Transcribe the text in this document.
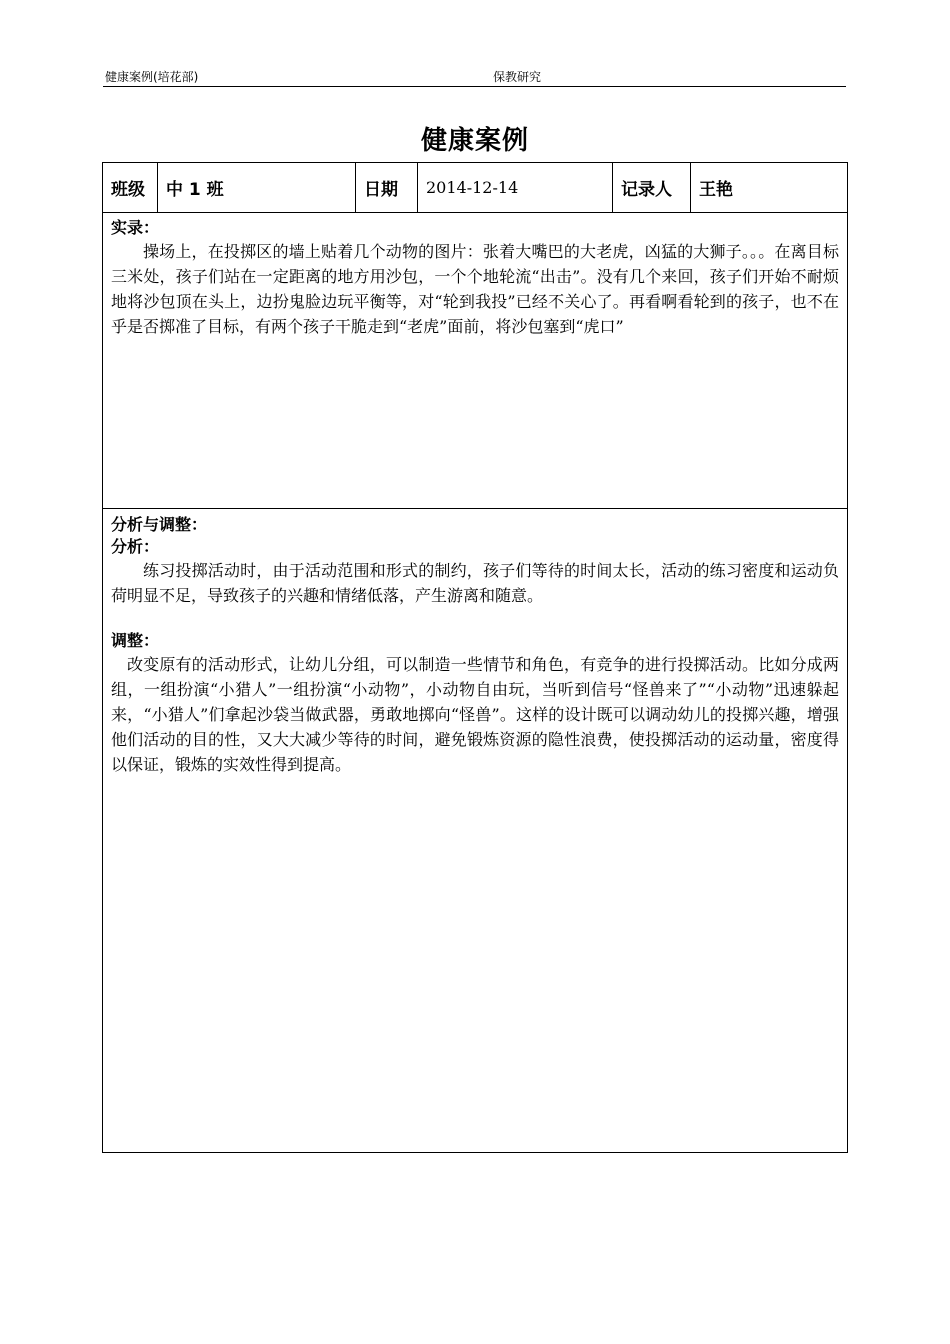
健康案例(培花部)	保教研究
健康案例
班级	中 1 班	日期	2014-12-14	记录人	王艳
实录：

操场上，在投掷区的墙上贴着几个动物的图片：张着大嘴巴的大老虎，凶猛的大狮子。。。在离目标三米处，孩子们站在一定距离的地方用沙包，一个个地轮流“出击”。没有几个来回，孩子们开始不耐烦地将沙包顶在头上，边扮鬼脸边玩平衡等，对“轮到我投”已经不关心了。再看啊看轮到的孩子，也不在乎是否掷准了目标，有两个孩子干脆走到“老虎”面前，将沙包塞到“虎口”

分析与调整：
分析：

练习投掷活动时，由于活动范围和形式的制约，孩子们等待的时间太长，活动的练习密度和运动负荷明显不足，导致孩子的兴趣和情绪低落，产生游离和随意。

调整：

改变原有的活动形式，让幼儿分组，可以制造一些情节和角色，有竞争的进行投掷活动。比如分成两组，一组扮演“小猎人”一组扮演“小动物”，小动物自由玩，当听到信号“怪兽来了”“小动物”迅速躲起来，“小猎人”们拿起沙袋当做武器，勇敢地掷向“怪兽”。这样的设计既可以调动幼儿的投掷兴趣，增强他们活动的目的性，又大大减少等待的时间，避免锻炼资源的隐性浪费，使投掷活动的运动量，密度得以保证，锻炼的实效性得到提高。
